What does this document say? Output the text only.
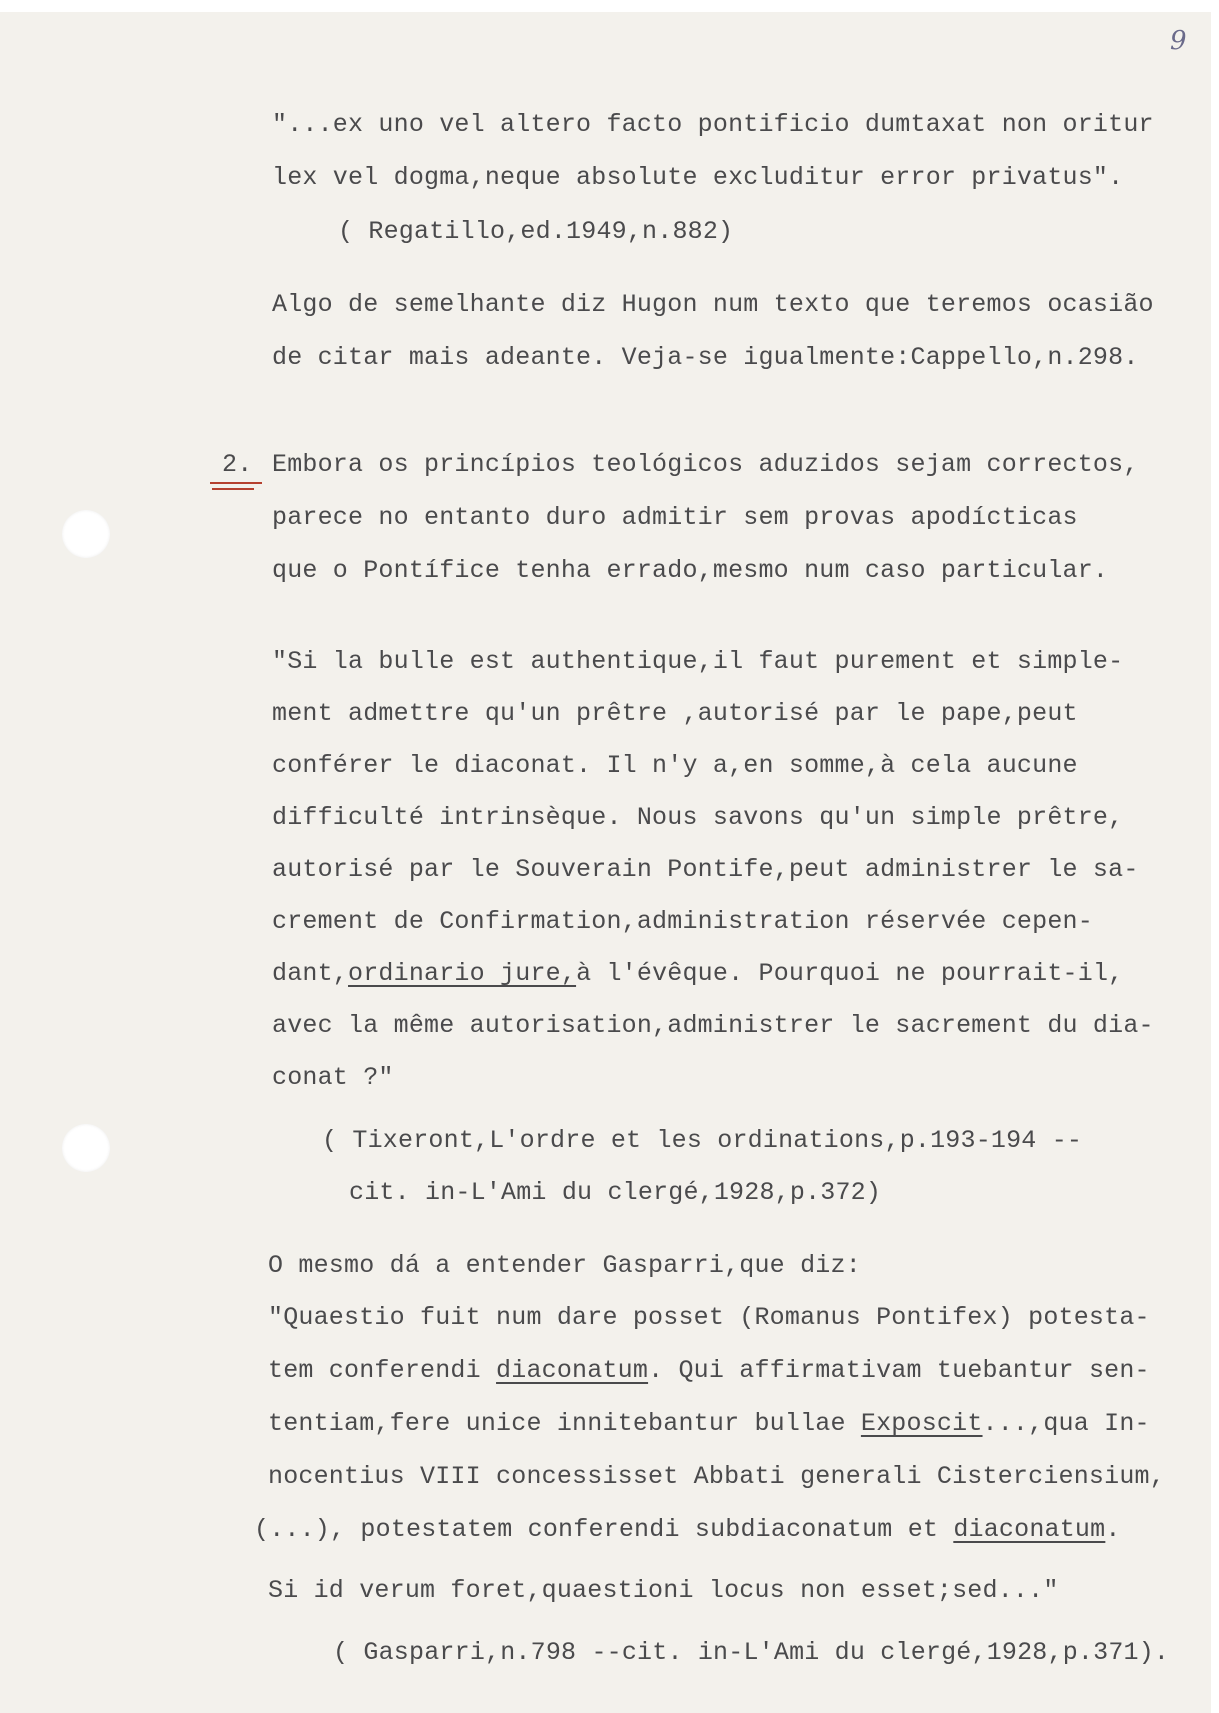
9
"...ex uno vel altero facto pontificio dumtaxat non oritur
lex vel dogma,neque absolute excluditur error privatus".
( Regatillo,ed.1949,n.882)
Algo de semelhante diz Hugon num texto que teremos ocasião
de citar mais adeante. Veja-se igualmente:Cappello,n.298.
2. Embora os princípios teológicos aduzidos sejam correctos,
parece no entanto duro admitir sem provas apodícticas
que o Pontífice tenha errado,mesmo num caso particular.
"Si la bulle est authentique,il faut purement et simple-
ment admettre qu'un prêtre ,autorisé par le pape,peut
conférer le diaconat. Il n'y a,en somme,à cela aucune
difficulté intrinsèque. Nous savons qu'un simple prêtre,
autorisé par le Souverain Pontife,peut administrer le sa-
crement de Confirmation,administration réservée cepen-
dant,ordinario jure,à l'évêque. Pourquoi ne pourrait-il,
avec la même autorisation,administrer le sacrement du dia-
conat ?"
( Tixeront,L'ordre et les ordinations,p.193-194 --
cit. in-L'Ami du clergé,1928,p.372)
O mesmo dá a entender Gasparri,que diz:
"Quaestio fuit num dare posset (Romanus Pontifex) potesta-
tem conferendi diaconatum. Qui affirmativam tuebantur sen-
tentiam,fere unice innitebantur bullae Exposcit...,qua In-
nocentius VIII concessisset Abbati generali Cisterciensium,
(...), potestatem conferendi subdiaconatum et diaconatum.
Si id verum foret,quaestioni locus non esset;sed..."
( Gasparri,n.798 --cit. in-L'Ami du clergé,1928,p.371).
